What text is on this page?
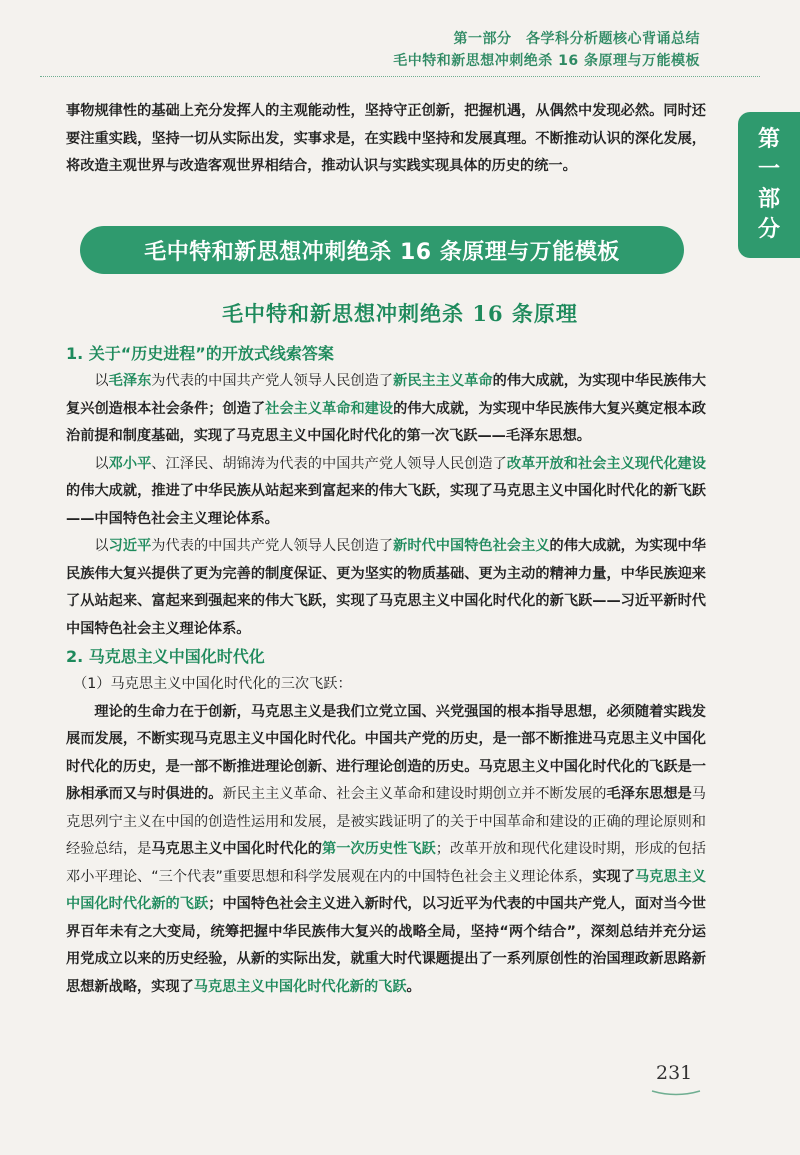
第一部分　各学科分析题核心背诵总结
毛中特和新思想冲刺绝杀 16 条原理与万能模板
第
一
部
分

事物规律性的基础上充分发挥人的主观能动性，坚持守正创新，把握机遇，从偶然中发现必然。同时还要注重实践，坚持一切从实际出发，实事求是，在实践中坚持和发展真理。不断推动认识的深化发展，将改造主观世界与改造客观世界相结合，推动认识与实践实现具体的历史的统一。

毛中特和新思想冲刺绝杀 16 条原理与万能模板
毛中特和新思想冲刺绝杀 16 条原理

1. 关于“历史进程”的开放式线索答案

以毛泽东为代表的中国共产党人领导人民创造了新民主主义革命的伟大成就，为实现中华民族伟大复兴创造根本社会条件；创造了社会主义革命和建设的伟大成就，为实现中华民族伟大复兴奠定根本政治前提和制度基础，实现了马克思主义中国化时代化的第一次飞跃——毛泽东思想。

以邓小平、江泽民、胡锦涛为代表的中国共产党人领导人民创造了改革开放和社会主义现代化建设的伟大成就，推进了中华民族从站起来到富起来的伟大飞跃，实现了马克思主义中国化时代化的新飞跃——中国特色社会主义理论体系。

以习近平为代表的中国共产党人领导人民创造了新时代中国特色社会主义的伟大成就，为实现中华民族伟大复兴提供了更为完善的制度保证、更为坚实的物质基础、更为主动的精神力量，中华民族迎来了从站起来、富起来到强起来的伟大飞跃，实现了马克思主义中国化时代化的新飞跃——习近平新时代中国特色社会主义理论体系。

2. 马克思主义中国化时代化

（1）马克思主义中国化时代化的三次飞跃：

理论的生命力在于创新，马克思主义是我们立党立国、兴党强国的根本指导思想，必须随着实践发展而发展，不断实现马克思主义中国化时代化。中国共产党的历史，是一部不断推进马克思主义中国化时代化的历史，是一部不断推进理论创新、进行理论创造的历史。马克思主义中国化时代化的飞跃是一脉相承而又与时俱进的。新民主主义革命、社会主义革命和建设时期创立并不断发展的毛泽东思想是马克思列宁主义在中国的创造性运用和发展，是被实践证明了的关于中国革命和建设的正确的理论原则和经验总结，是马克思主义中国化时代化的第一次历史性飞跃；改革开放和现代化建设时期，形成的包括邓小平理论、“三个代表”重要思想和科学发展观在内的中国特色社会主义理论体系，实现了马克思主义中国化时代化新的飞跃；中国特色社会主义进入新时代，以习近平为代表的中国共产党人，面对当今世界百年未有之大变局，统筹把握中华民族伟大复兴的战略全局，坚持“两个结合”，深刻总结并充分运用党成立以来的历史经验，从新的实际出发，就重大时代课题提出了一系列原创性的治国理政新思路新思想新战略，实现了马克思主义中国化时代化新的飞跃。

231
